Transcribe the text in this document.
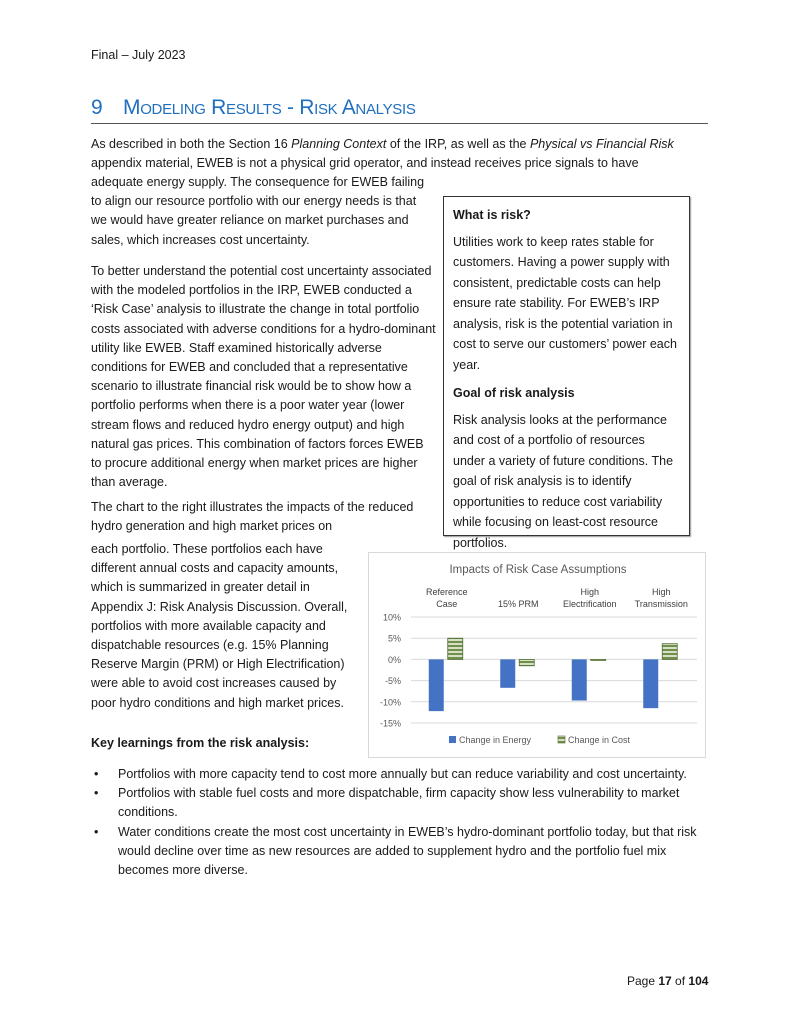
Final – July 2023
9 Modeling Results - Risk Analysis
As described in both the Section 16 Planning Context of the IRP, as well as the Physical vs Financial Risk appendix material, EWEB is not a physical grid operator, and instead receives price signals to have
adequate energy supply. The consequence for EWEB failing to align our resource portfolio with our energy needs is that we would have greater reliance on market purchases and sales, which increases cost uncertainty.
To better understand the potential cost uncertainty associated with the modeled portfolios in the IRP, EWEB conducted a ‘Risk Case’ analysis to illustrate the change in total portfolio costs associated with adverse conditions for a hydro-dominant utility like EWEB. Staff examined historically adverse conditions for EWEB and concluded that a representative scenario to illustrate financial risk would be to show how a portfolio performs when there is a poor water year (lower stream flows and reduced hydro energy output) and high natural gas prices. This combination of factors forces EWEB to procure additional energy when market prices are higher than average.
The chart to the right illustrates the impacts of the reduced hydro generation and high market prices on
each portfolio. These portfolios each have different annual costs and capacity amounts, which is summarized in greater detail in Appendix J: Risk Analysis Discussion. Overall, portfolios with more available capacity and dispatchable resources (e.g. 15% Planning Reserve Margin (PRM) or High Electrification) were able to avoid cost increases caused by poor hydro conditions and high market prices.
Key learnings from the risk analysis:
What is risk?

Utilities work to keep rates stable for customers. Having a power supply with consistent, predictable costs can help ensure rate stability. For EWEB’s IRP analysis, risk is the potential variation in cost to serve our customers’ power each year.

Goal of risk analysis

Risk analysis looks at the performance and cost of a portfolio of resources under a variety of future conditions. The goal of risk analysis is to identify opportunities to reduce cost variability while focusing on least-cost resource portfolios.

Impacts of Risk Case Assumptions
10%
5%
0%
-5%
-10%
-15%
Reference
Case	15% PRM
High
Electrification
High
Transmission
Change in Energy	Change in Cost
• Portfolios with more capacity tend to cost more annually but can reduce variability and cost uncertainty.
• Portfolios with stable fuel costs and more dispatchable, firm capacity show less vulnerability to market conditions.
• Water conditions create the most cost uncertainty in EWEB’s hydro-dominant portfolio today, but that risk would decline over time as new resources are added to supplement hydro and the portfolio fuel mix becomes more diverse.
Page 17 of 104
